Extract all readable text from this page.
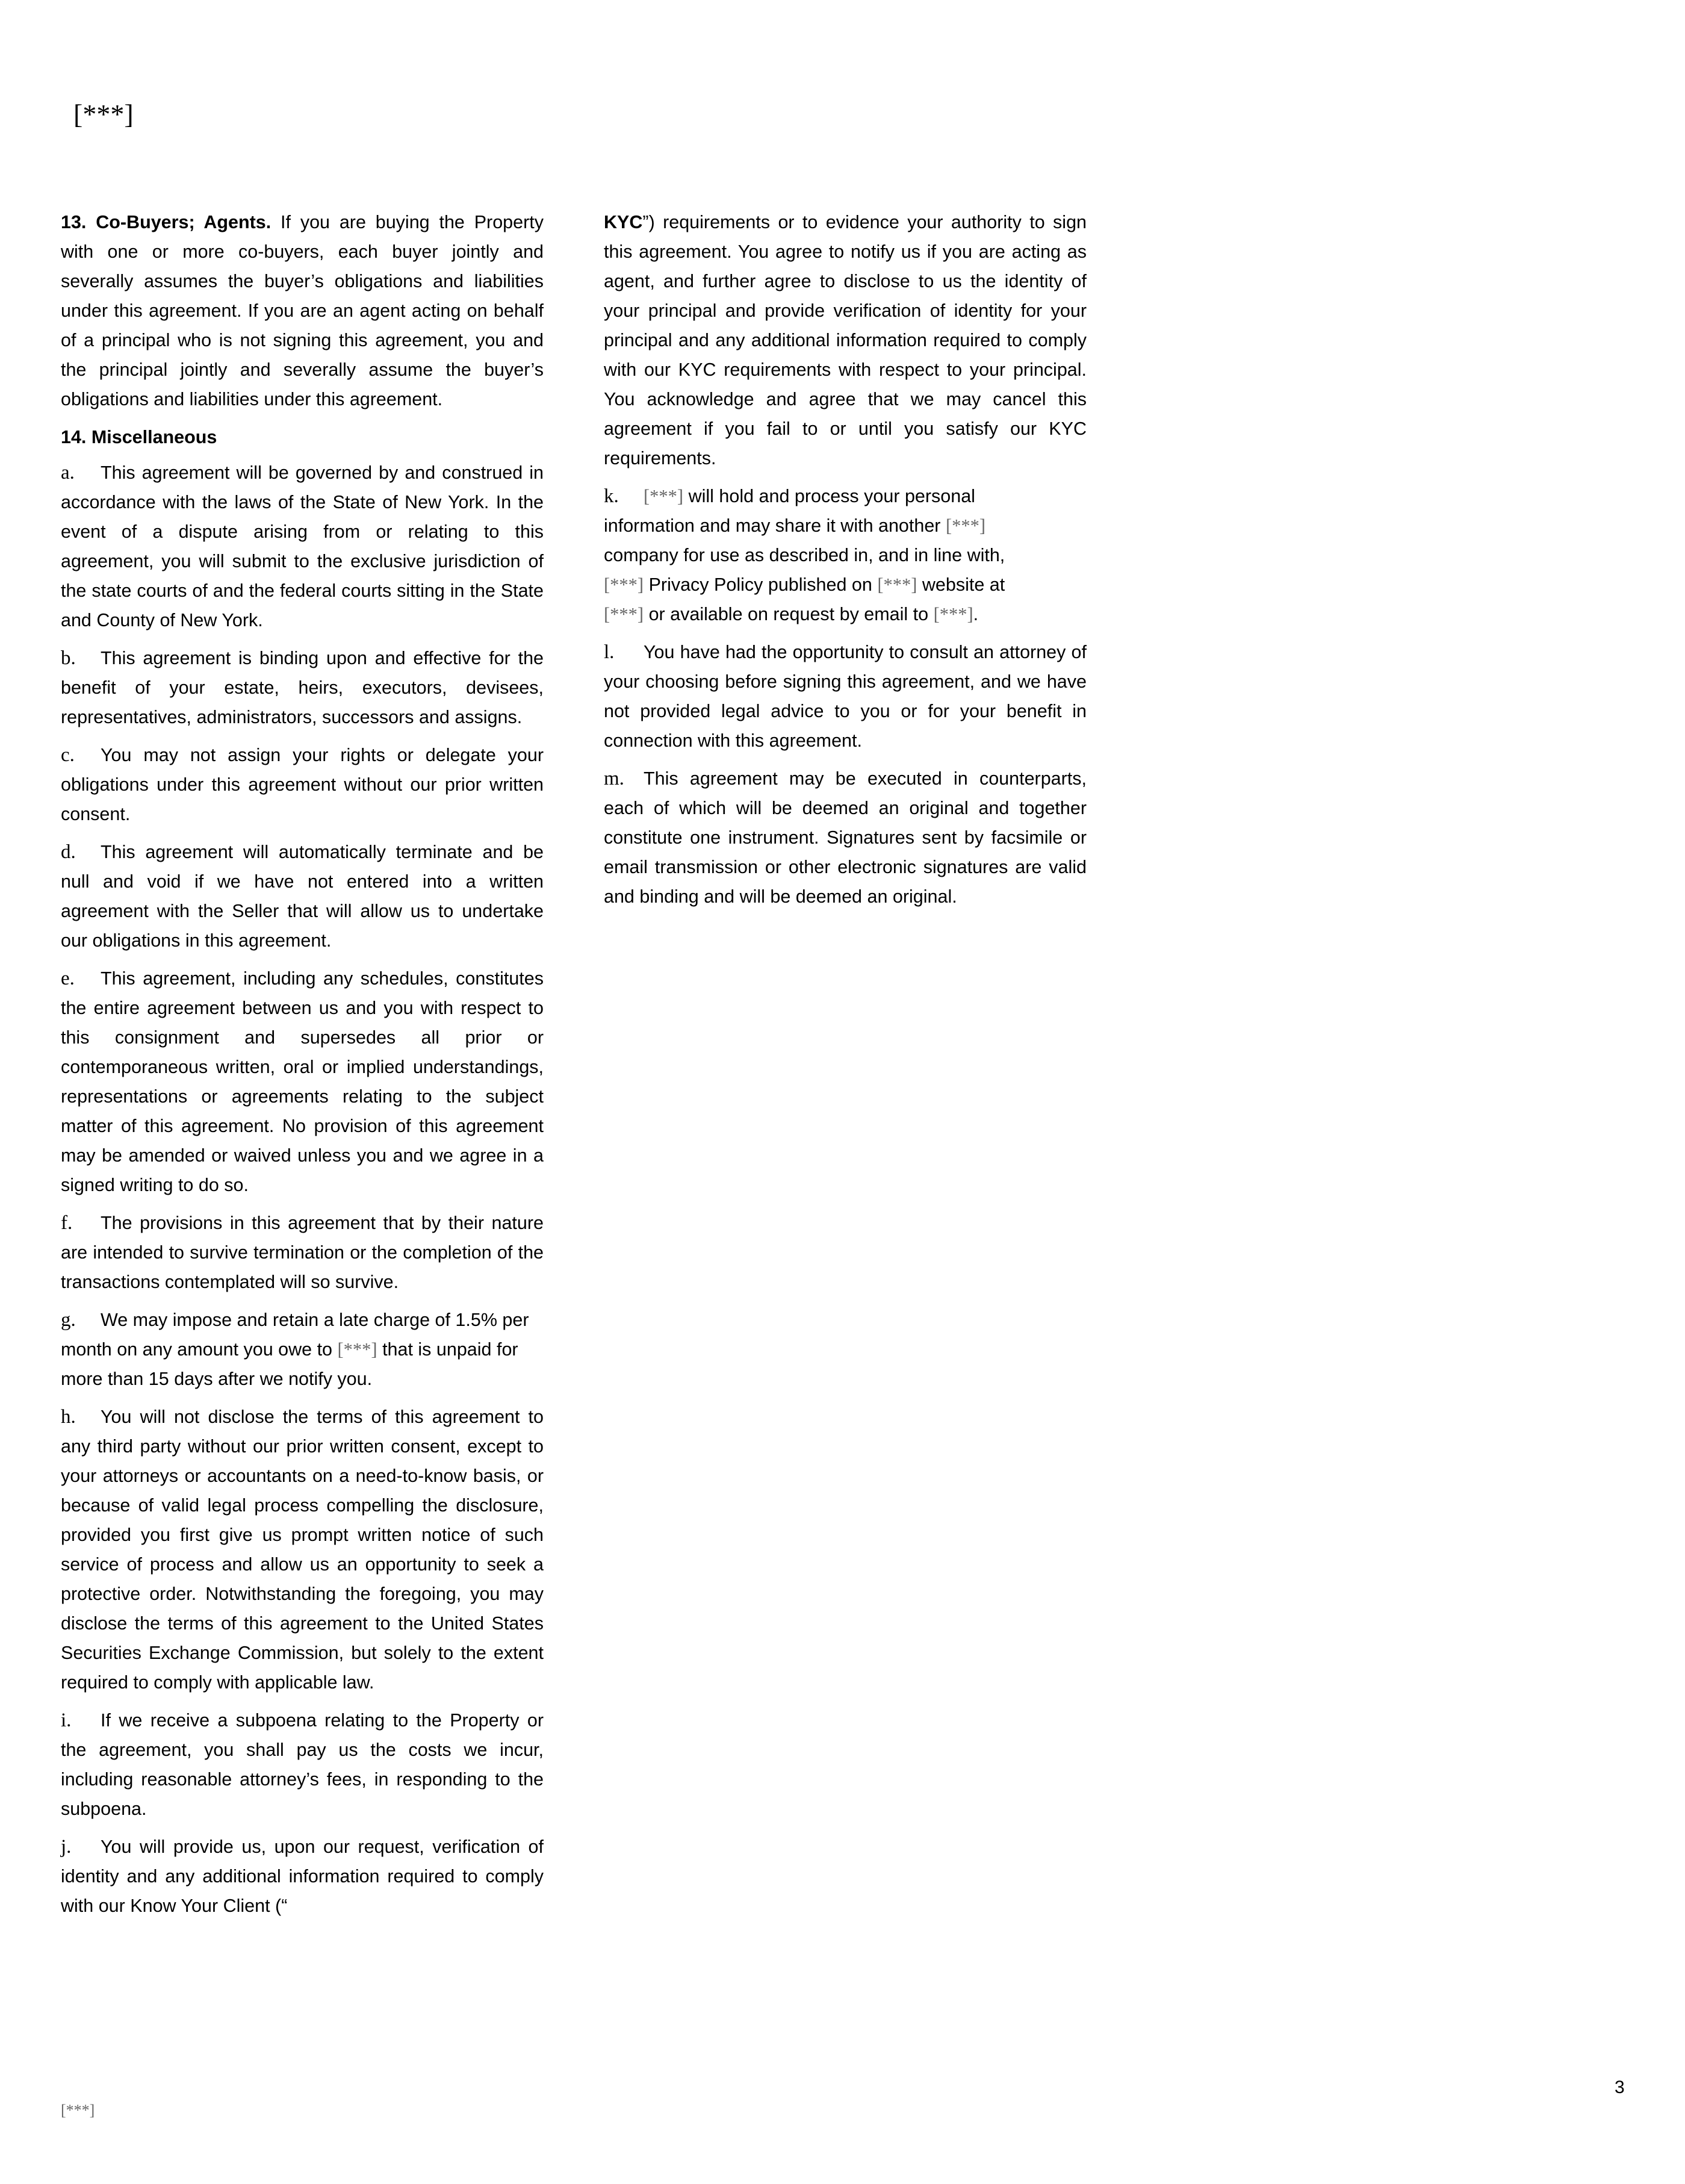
[***]

13. Co-Buyers; Agents. If you are buying the Property with one or more co-buyers, each buyer jointly and severally assumes the buyer’s obligations and liabilities under this agreement. If you are an agent acting on behalf of a principal who is not signing this agreement, you and the principal jointly and severally assume the buyer’s obligations and liabilities under this agreement.

14. Miscellaneous

a. This agreement will be governed by and construed in accordance with the laws of the State of New York. In the event of a dispute arising from or relating to this agreement, you will submit to the exclusive jurisdiction of the state courts of and the federal courts sitting in the State and County of New York.

b. This agreement is binding upon and effective for the benefit of your estate, heirs, executors, devisees, representatives, administrators, successors and assigns.

c. You may not assign your rights or delegate your obligations under this agreement without our prior written consent.

d. This agreement will automatically terminate and be null and void if we have not entered into a written agreement with the Seller that will allow us to undertake our obligations in this agreement.

e. This agreement, including any schedules, constitutes the entire agreement between us and you with respect to this consignment and supersedes all prior or contemporaneous written, oral or implied understandings, representations or agreements relating to the subject matter of this agreement. No provision of this agreement may be amended or waived unless you and we agree in a signed writing to do so.

f. The provisions in this agreement that by their nature are intended to survive termination or the completion of the transactions contemplated will so survive.

g. We may impose and retain a late charge of 1.5% per month on any amount you owe to [***] that is unpaid for more than 15 days after we notify you.

h. You will not disclose the terms of this agreement to any third party without our prior written consent, except to your attorneys or accountants on a need-to-know basis, or because of valid legal process compelling the disclosure, provided you first give us prompt written notice of such service of process and allow us an opportunity to seek a protective order. Notwithstanding the foregoing, you may disclose the terms of this agreement to the United States Securities Exchange Commission, but solely to the extent required to comply with applicable law.

i. If we receive a subpoena relating to the Property or the agreement, you shall pay us the costs we incur, including reasonable attorney’s fees, in responding to the subpoena.

j. You will provide us, upon our request, verification of identity and any additional information required to comply with our Know Your Client (“

KYC”) requirements or to evidence your authority to sign this agreement. You agree to notify us if you are acting as agent, and further agree to disclose to us the identity of your principal and provide verification of identity for your principal and any additional information required to comply with our KYC requirements with respect to your principal. You acknowledge and agree that we may cancel this agreement if you fail to or until you satisfy our KYC requirements.

k. [***] will hold and process your personal information and may share it with another [***] company for use as described in, and in line with, [***] Privacy Policy published on [***] website at [***] or available on request by email to [***].

l. You have had the opportunity to consult an attorney of your choosing before signing this agreement, and we have not provided legal advice to you or for your benefit in connection with this agreement.

m. This agreement may be executed in counterparts, each of which will be deemed an original and together constitute one instrument. Signatures sent by facsimile or email transmission or other electronic signatures are valid and binding and will be deemed an original.

[***]
3
